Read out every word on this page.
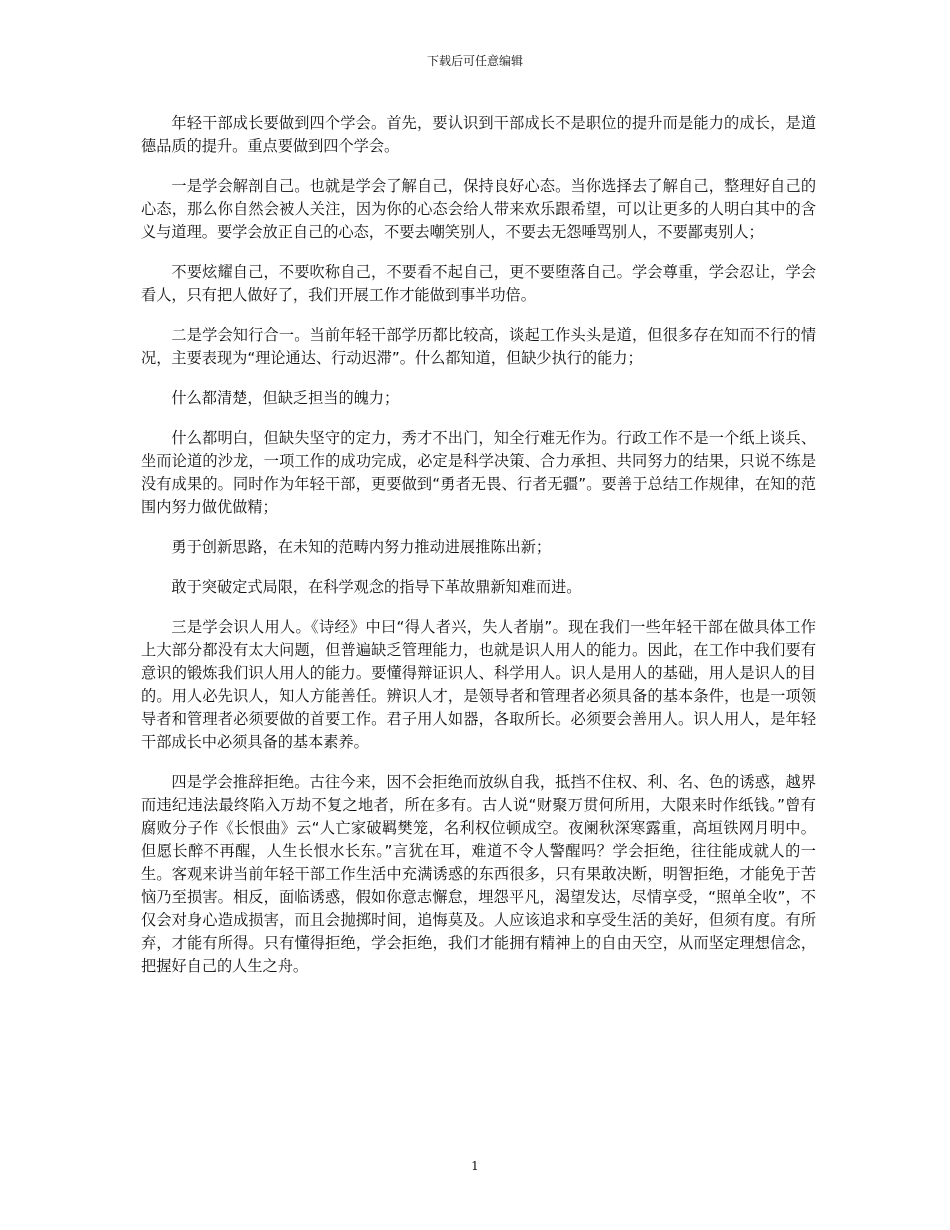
下载后可任意编辑

年轻干部成长要做到四个学会。首先，要认识到干部成长不是职位的提升而是能力的成长，是道德品质的提升。重点要做到四个学会。

一是学会解剖自己。也就是学会了解自己，保持良好心态。当你选择去了解自己，整理好自己的心态，那么你自然会被人关注，因为你的心态会给人带来欢乐跟希望，可以让更多的人明白其中的含义与道理。要学会放正自己的心态，不要去嘲笑别人，不要去无怨唾骂别人，不要鄙夷别人；

不要炫耀自己，不要吹称自己，不要看不起自己，更不要堕落自己。学会尊重，学会忍让，学会看人，只有把人做好了，我们开展工作才能做到事半功倍。

二是学会知行合一。当前年轻干部学历都比较高，谈起工作头头是道，但很多存在知而不行的情况，主要表现为“理论通达、行动迟滞”。什么都知道，但缺少执行的能力；

什么都清楚，但缺乏担当的魄力；

什么都明白，但缺失坚守的定力，秀才不出门，知全行难无作为。行政工作不是一个纸上谈兵、坐而论道的沙龙，一项工作的成功完成，必定是科学决策、合力承担、共同努力的结果，只说不练是没有成果的。同时作为年轻干部，更要做到“勇者无畏、行者无疆”。要善于总结工作规律，在知的范围内努力做优做精；

勇于创新思路，在未知的范畴内努力推动进展推陈出新；

敢于突破定式局限，在科学观念的指导下革故鼎新知难而进。

三是学会识人用人。《诗经》中曰“得人者兴，失人者崩”。现在我们一些年轻干部在做具体工作上大部分都没有太大问题，但普遍缺乏管理能力，也就是识人用人的能力。因此，在工作中我们要有意识的锻炼我们识人用人的能力。要懂得辩证识人、科学用人。识人是用人的基础，用人是识人的目的。用人必先识人，知人方能善任。辨识人才，是领导者和管理者必须具备的基本条件，也是一项领导者和管理者必须要做的首要工作。君子用人如器，各取所长。必须要会善用人。识人用人，是年轻干部成长中必须具备的基本素养。

四是学会推辞拒绝。古往今来，因不会拒绝而放纵自我，抵挡不住权、利、名、色的诱惑，越界而违纪违法最终陷入万劫不复之地者，所在多有。古人说“财聚万贯何所用，大限来时作纸钱。”曾有腐败分子作《长恨曲》云“人亡家破羁樊笼，名利权位顿成空。夜阑秋深寒露重，高垣铁网月明中。但愿长醉不再醒，人生长恨水长东。”言犹在耳，难道不令人警醒吗？学会拒绝，往往能成就人的一生。客观来讲当前年轻干部工作生活中充满诱惑的东西很多，只有果敢决断，明智拒绝，才能免于苦恼乃至损害。相反，面临诱惑，假如你意志懈怠，埋怨平凡，渴望发达，尽情享受，“照单全收”，不仅会对身心造成损害，而且会抛掷时间，追悔莫及。人应该追求和享受生活的美好，但须有度。有所弃，才能有所得。只有懂得拒绝，学会拒绝，我们才能拥有精神上的自由天空，从而坚定理想信念，把握好自己的人生之舟。

1
